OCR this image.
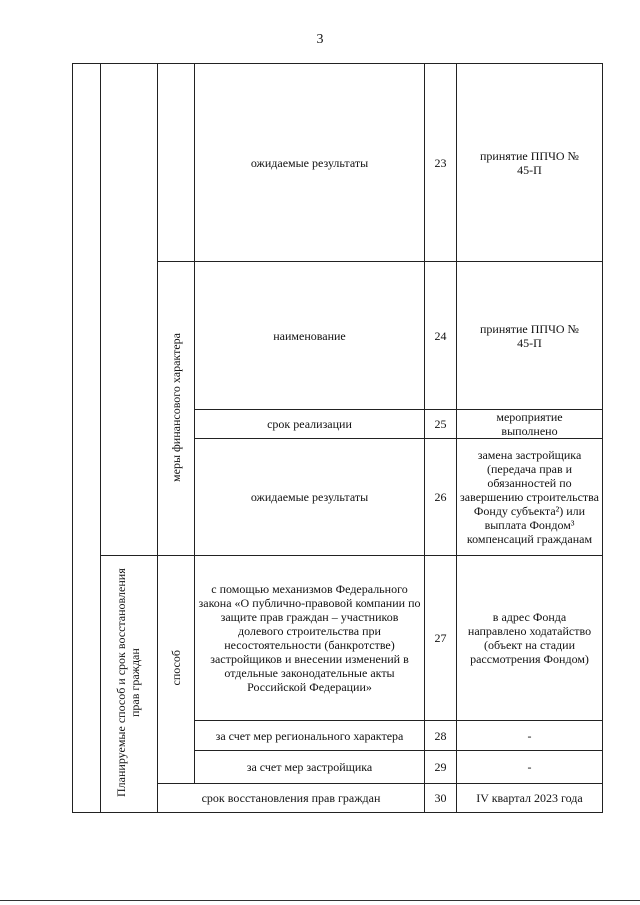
3
			ожидаемые результаты	23	принятие ППЧО № 45-П
		меры финансового характера	наименование	24	принятие ППЧО № 45-П
			срок реализации	25	мероприятие выполнено
			ожидаемые результаты	26	замена застройщика (передача прав и обязанностей по завершению строительства Фонду субъекта²) или выплата Фондом³ компенсаций гражданам
	Планируемые способ и срок восстановления прав граждан	способ	с помощью механизмов Федерального закона «О публично-правовой компании по защите прав граждан – участников долевого строительства при несостоятельности (банкротстве) застройщиков и внесении изменений в отдельные законодательные акты Российской Федерации»	27	в адрес Фонда направлено ходатайство (объект на стадии рассмотрения Фондом)
			за счет мер регионального характера	28	-
			за счет мер застройщика	29	-
		срок восстановления прав граждан		30	IV квартал 2023 года
